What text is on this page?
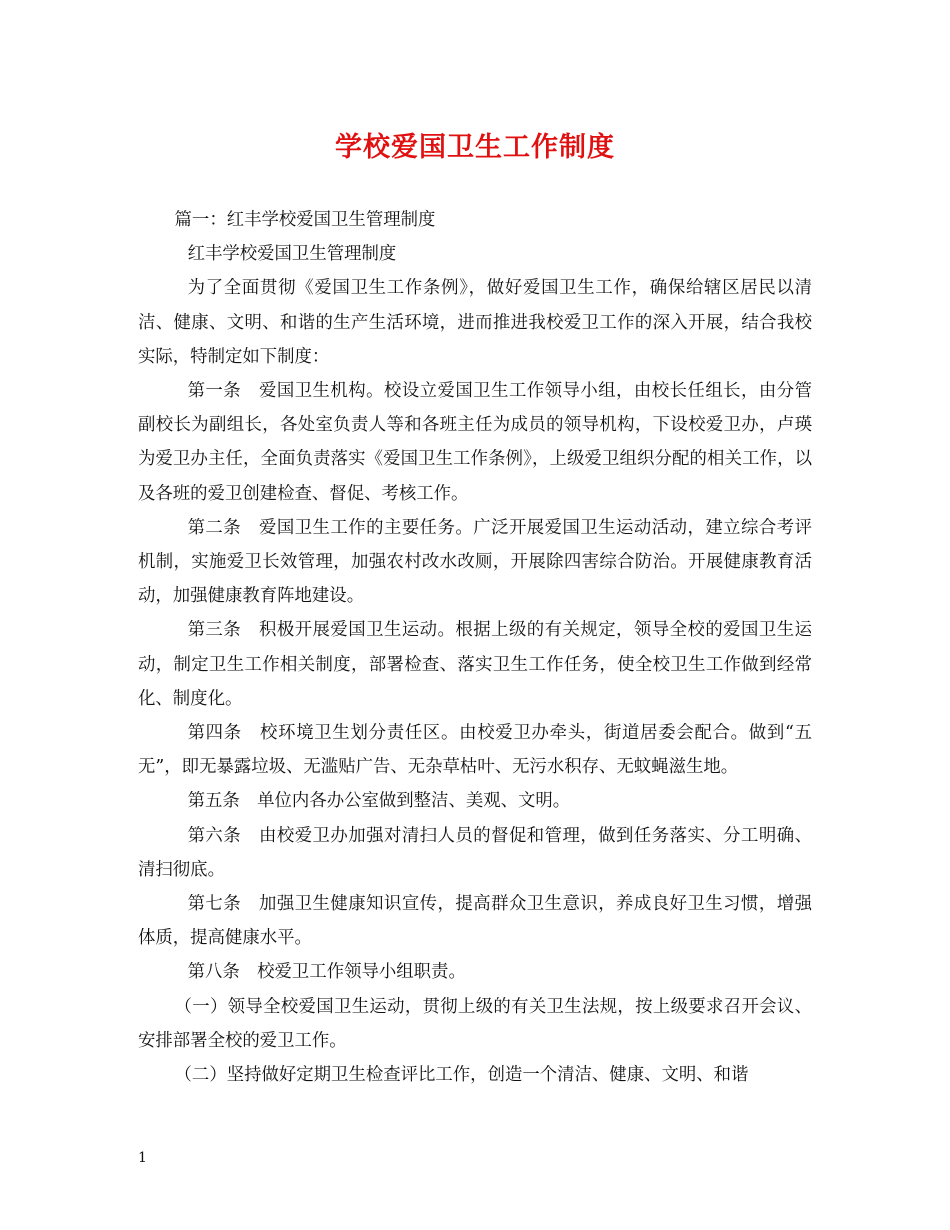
学校爱国卫生工作制度

篇一：红丰学校爱国卫生管理制度

红丰学校爱国卫生管理制度

为了全面贯彻《爱国卫生工作条例》，做好爱国卫生工作，确保给辖区居民以清洁、健康、文明、和谐的生产生活环境，进而推进我校爱卫工作的深入开展，结合我校实际，特制定如下制度：

第一条　爱国卫生机构。校设立爱国卫生工作领导小组，由校长任组长，由分管副校长为副组长，各处室负责人等和各班主任为成员的领导机构，下设校爱卫办，卢瑛为爱卫办主任，全面负责落实《爱国卫生工作条例》，上级爱卫组织分配的相关工作，以及各班的爱卫创建检查、督促、考核工作。

第二条　爱国卫生工作的主要任务。广泛开展爱国卫生运动活动，建立综合考评机制，实施爱卫长效管理，加强农村改水改厕，开展除四害综合防治。开展健康教育活动，加强健康教育阵地建设。

第三条　积极开展爱国卫生运动。根据上级的有关规定，领导全校的爱国卫生运动，制定卫生工作相关制度，部署检查、落实卫生工作任务，使全校卫生工作做到经常化、制度化。

第四条　校环境卫生划分责任区。由校爱卫办牵头，街道居委会配合。做到“五无”，即无暴露垃圾、无滥贴广告、无杂草枯叶、无污水积存、无蚊蝇滋生地。

第五条　单位内各办公室做到整洁、美观、文明。

第六条　由校爱卫办加强对清扫人员的督促和管理，做到任务落实、分工明确、清扫彻底。

第七条　加强卫生健康知识宣传，提高群众卫生意识，养成良好卫生习惯，增强体质，提高健康水平。

第八条　校爱卫工作领导小组职责。

（一）领导全校爱国卫生运动，贯彻上级的有关卫生法规，按上级要求召开会议、安排部署全校的爱卫工作。

（二）坚持做好定期卫生检查评比工作，创造一个清洁、健康、文明、和谐

1
